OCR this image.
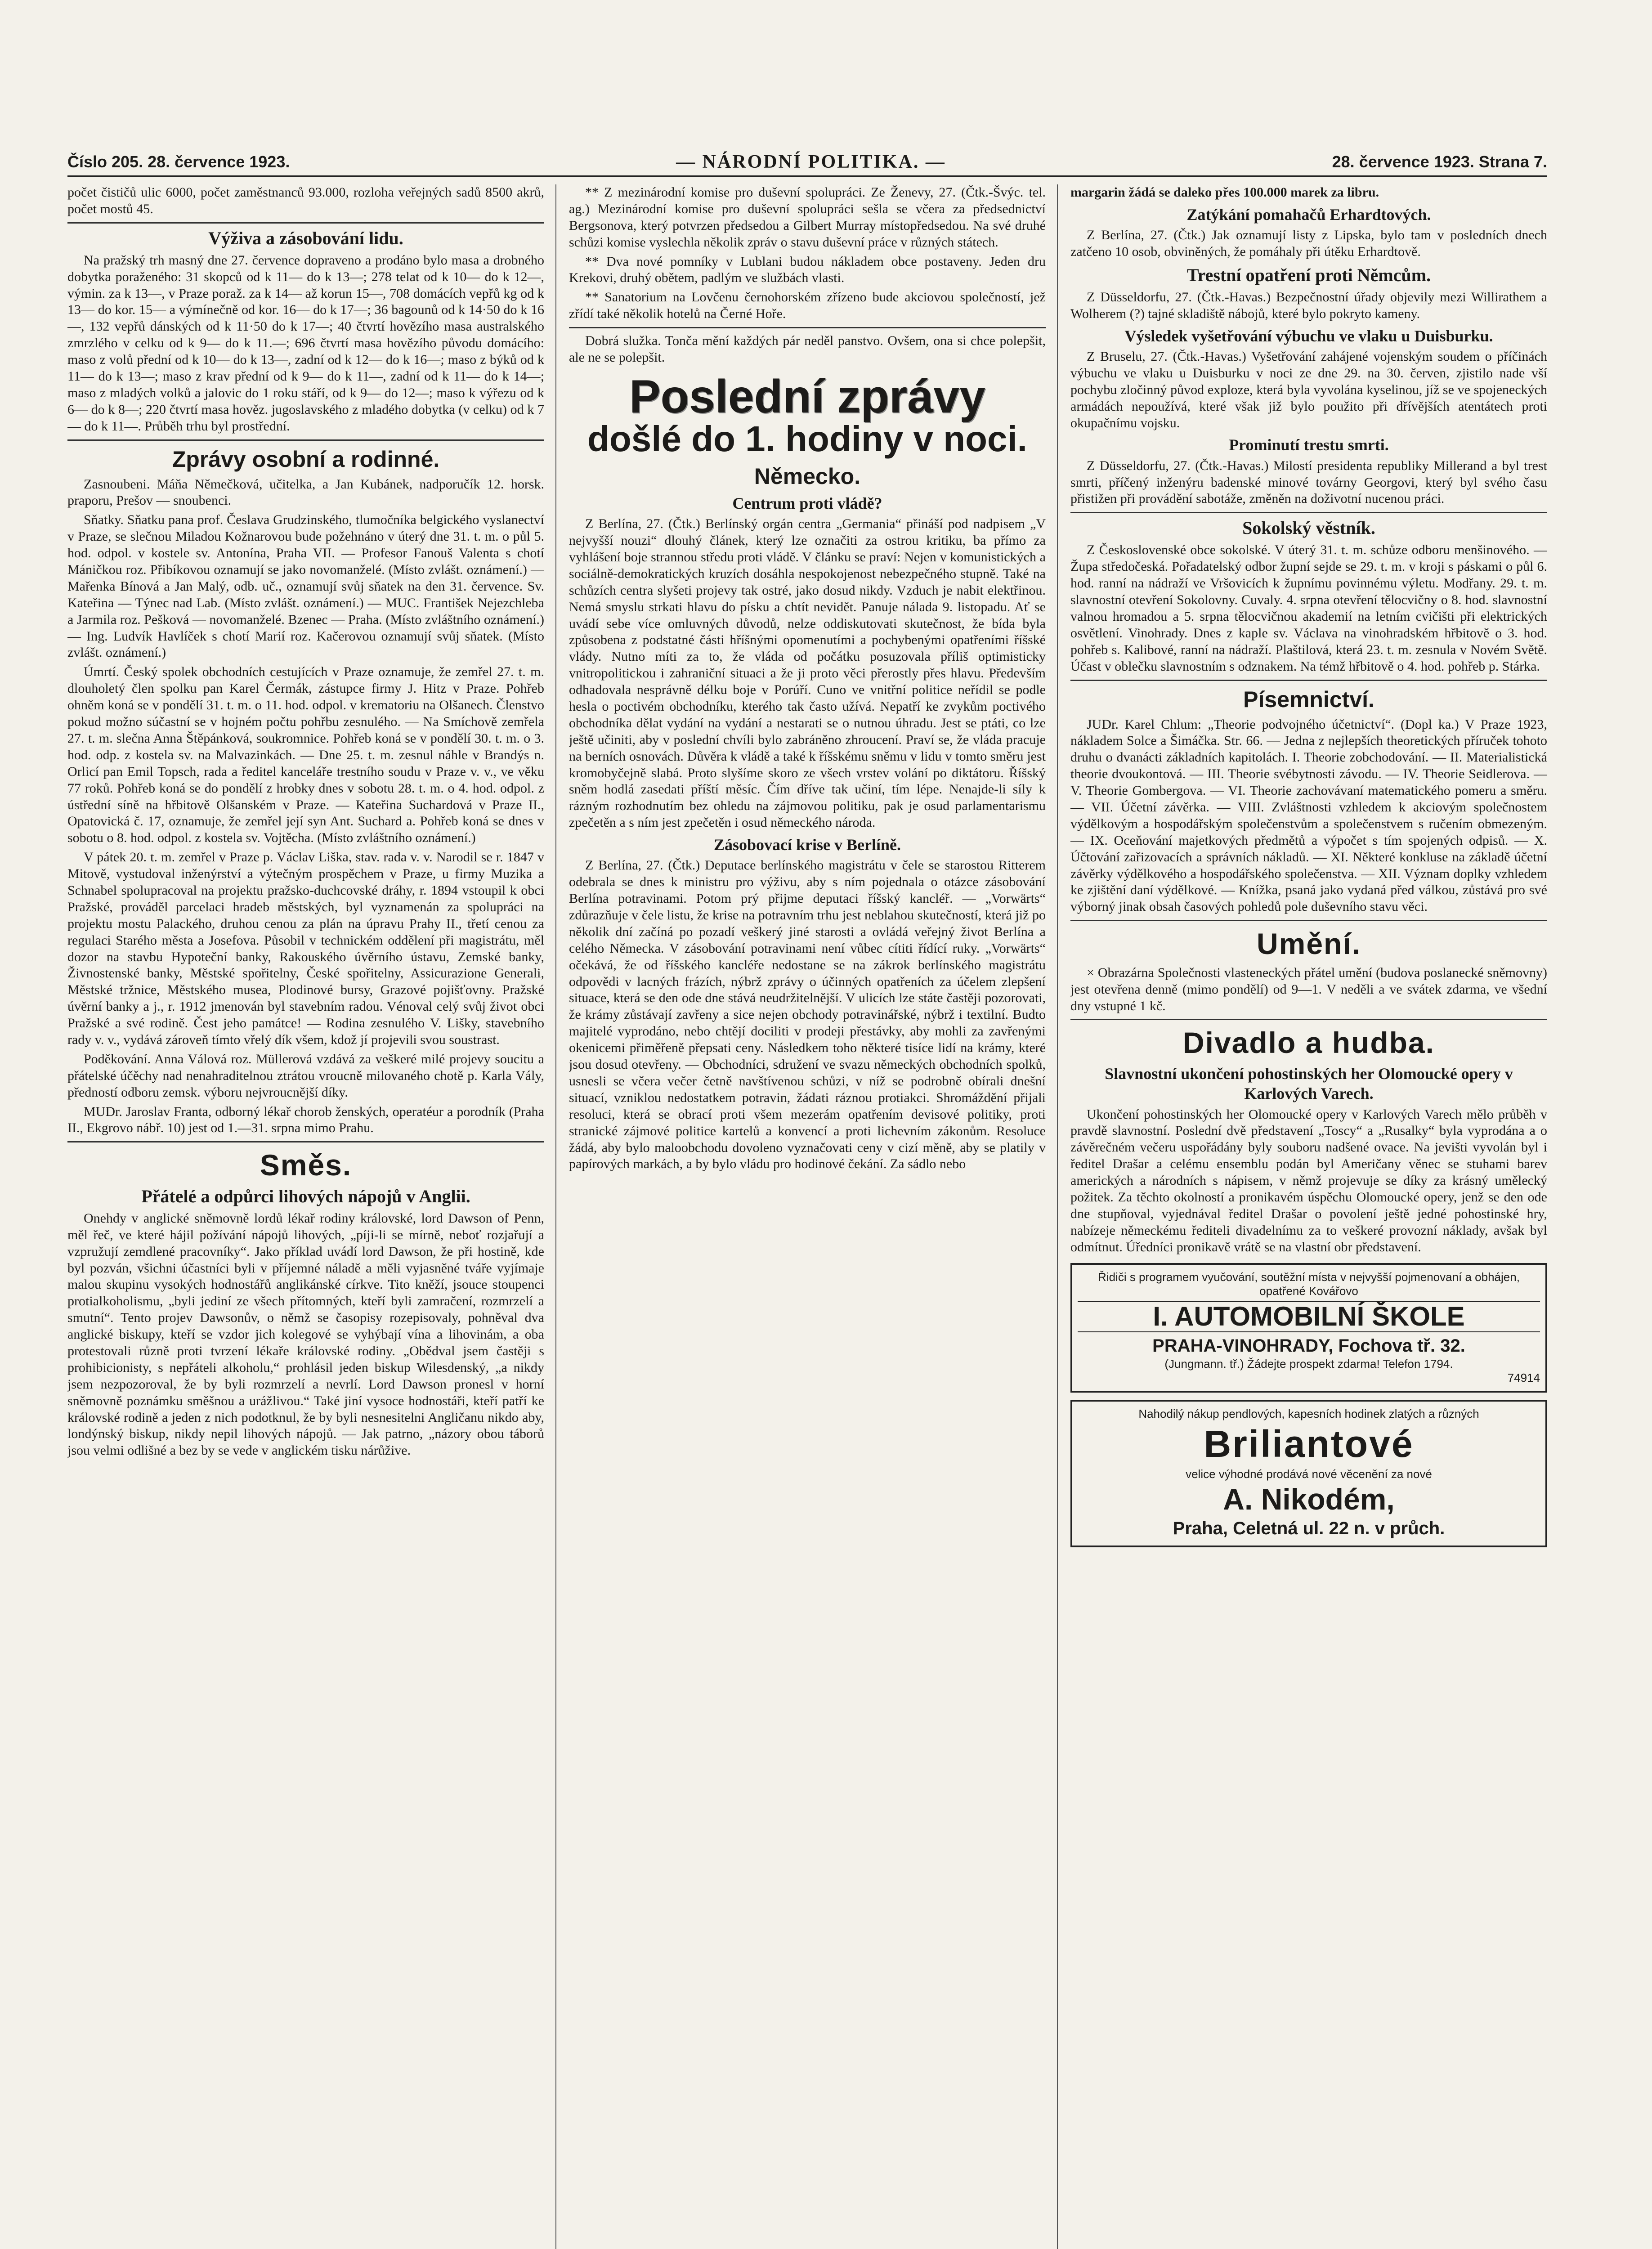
Číslo 205. 28. července 1923.	— NÁRODNÍ POLITIKA. —	28. července 1923. Strana 7.

počet čističů ulic 6000, počet zaměstnanců 93.000, rozloha veřejných sadů 8500 akrů, počet mostů 45.

Výživa a zásobování lidu.

Na pražský trh masný dne 27. července dopraveno a prodáno bylo masa a drobného dobytka poraženého: 31 skopců od k 11— do k 13—; 278 telat od k 10— do k 12—, výmin. za k 13—, v Praze poraž. za k 14— až korun 15—, 708 domácích vepřů kg od k 13— do kor. 15— a výmínečně od kor. 16— do k 17—; 36 bagounů od k 14·50 do k 16—, 132 vepřů dánských od k 11·50 do k 17—; 40 čtvrtí hovězího masa australského zmrzlého v celku od k 9— do k 11.—; 696 čtvrtí masa hovězího původu domácího: maso z volů přední od k 10— do k 13—, zadní od k 12— do k 16—; maso z býků od k 11— do k 13—; maso z krav přední od k 9— do k 11—, zadní od k 11— do k 14—; maso z mladých volků a jalovic do 1 roku stáří, od k 9— do 12—; maso k výřezu od k 6— do k 8—; 220 čtvrtí masa hověz. jugoslavského z mladého dobytka (v celku) od k 7— do k 11—. Průběh trhu byl prostřední.

Zprávy osobní a rodinné.

Zasnoubeni. Máňa Němečková, učitelka, a Jan Kubánek, nadporučík 12. horsk. praporu, Prešov — snoubenci.

Sňatky. Sňatku pana prof. Česlava Grudzinského, tlumočníka belgického vyslanectví v Praze, se slečnou Miladou Kožnarovou bude požehnáno v úterý dne 31. t. m. o půl 5. hod. odpol. v kostele sv. Antonína, Praha VII. — Profesor Fanouš Valenta s chotí Máničkou roz. Přibíkovou oznamují se jako novomanželé. (Místo zvlášt. oznámení.) — Mařenka Bínová a Jan Malý, odb. uč., oznamují svůj sňatek na den 31. července. Sv. Kateřina — Týnec nad Lab. (Místo zvlášt. oznámení.) — MUC. František Nejezchleba a Jarmila roz. Pešková — novomanželé. Bzenec — Praha. (Místo zvláštního oznámení.) — Ing. Ludvík Havlíček s chotí Marií roz. Kačerovou oznamují svůj sňatek. (Místo zvlášt. oznámení.)

Úmrtí. Český spolek obchodních cestujících v Praze oznamuje, že zemřel 27. t. m. dlouholetý člen spolku pan Karel Čermák, zástupce firmy J. Hitz v Praze. Pohřeb ohněm koná se v pondělí 31. t. m. o 11. hod. odpol. v krematoriu na Olšanech. Členstvo pokud možno súčastní se v hojném počtu pohřbu zesnulého. — Na Smíchově zemřela 27. t. m. slečna Anna Štěpánková, soukromnice. Pohřeb koná se v pondělí 30. t. m. o 3. hod. odp. z kostela sv. na Malvazinkách. — Dne 25. t. m. zesnul náhle v Brandýs n. Orlicí pan Emil Topsch, rada a ředitel kanceláře trestního soudu v Praze v. v., ve věku 77 roků. Pohřeb koná se do pondělí z hrobky dnes v sobotu 28. t. m. o 4. hod. odpol. z ústřední síně na hřbitově Olšanském v Praze. — Kateřina Suchardová v Praze II., Opatovická č. 17, oznamuje, že zemřel její syn Ant. Suchard a. Pohřeb koná se dnes v sobotu o 8. hod. odpol. z kostela sv. Vojtěcha. (Místo zvláštního oznámení.)

V pátek 20. t. m. zemřel v Praze p. Václav Liška, stav. rada v. v. Narodil se r. 1847 v Mitově, vystudoval inženýrství a výtečným prospěchem v Praze, u firmy Muzika a Schnabel spolupracoval na projektu pražsko-duchcovské dráhy, r. 1894 vstoupil k obci Pražské, prováděl parcelaci hradeb městských, byl vyznamenán za spolupráci na projektu mostu Palackého, druhou cenou za plán na úpravu Prahy II., třetí cenou za regulaci Starého města a Josefova. Působil v technickém oddělení při magistrátu, měl dozor na stavbu Hypoteční banky, Rakouského úvěrního ústavu, Zemské banky, Živnostenské banky, Městské spořitelny, České spořitelny, Assicurazione Generali, Městské tržnice, Městského musea, Plodinové bursy, Grazové pojišťovny. Pražské úvěrní banky a j., r. 1912 jmenován byl stavebním radou. Vénoval celý svůj život obci Pražské a své rodině. Čest jeho památce! — Rodina zesnulého V. Lišky, stavebního rady v. v., vydává zároveň tímto vřelý dík všem, kdož jí projevili svou soustrast.

Poděkování. Anna Válová roz. Müllerová vzdává za veškeré milé projevy soucitu a přátelské účěchy nad nenahraditelnou ztrátou vroucně milovaného chotě p. Karla Vály, předností odboru zemsk. výboru nejvroucnější díky.

MUDr. Jaroslav Franta, odborný lékař chorob ženských, operatéur a porodník (Praha II., Ekgrovo nábř. 10) jest od 1.—31. srpna mimo Prahu.

Směs.
Přátelé a odpůrci lihových nápojů v Anglii.

Onehdy v anglické sněmovně lordů lékař rodiny královské, lord Dawson of Penn, měl řeč, ve které hájil požívání nápojů lihových, „píji-li se mírně, neboť rozjařují a vzpružují zemdlené pracovníky“. Jako příklad uvádí lord Dawson, že při hostině, kde byl pozván, všichni účastníci byli v příjemné náladě a měli vyjasněné tváře vyjímaje malou skupinu vysokých hodnostářů anglikánské církve. Tito kněží, jsouce stoupenci protialkoholismu, „byli jediní ze všech přítomných, kteří byli zamračení, rozmrzelí a smutní“. Tento projev Dawsonův, o němž se časopisy rozepisovaly, pohněval dva anglické biskupy, kteří se vzdor jich kolegové se vyhýbají vína a lihovinám, a oba protestovali různě proti tvrzení lékaře královské rodiny. „Obědval jsem častěji s prohibicionisty, s nepřáteli alkoholu,“ prohlásil jeden biskup Wilesdenský, „a nikdy jsem nezpozoroval, že by byli rozmrzelí a nevrlí. Lord Dawson pronesl v horní sněmovně poznámku směšnou a urážlivou.“ Také jiní vysoce hodnostáři, kteří patří ke královské rodině a jeden z nich podotknul, že by byli nesnesitelni Angličanu nikdo aby, londýnský biskup, nikdy nepil lihových nápojů. — Jak patrno, „názory obou táborů jsou velmi odlišné a bez by se vede v anglickém tisku nárůžive.

** Z mezinárodní komise pro duševní spolupráci. Ze Ženevy, 27. (Čtk.-Švýc. tel. ag.) Mezinárodní komise pro duševní spolupráci sešla se včera za předsednictví Bergsonova, který potvrzen předsedou a Gilbert Murray místopředsedou. Na své druhé schůzi komise vyslechla několik zpráv o stavu duševní práce v různých státech.

** Dva nové pomníky v Lublani budou nákladem obce postaveny. Jeden dru Krekovi, druhý obětem, padlým ve službách vlasti.

** Sanatorium na Lovčenu černohorském zřízeno bude akciovou společností, jež zřídí také několik hotelů na Černé Hoře.

Dobrá služka. Tonča mění každých pár neděl panstvo. Ovšem, ona si chce polepšit, ale ne se polepšit.

Poslední zprávy
došlé do 1. hodiny v noci.
Německo.
Centrum proti vládě?

Z Berlína, 27. (Čtk.) Berlínský orgán centra „Germania“ přináší pod nadpisem „V nejvyšší nouzi“ dlouhý článek, který lze označiti za ostrou kritiku, ba přímo za vyhlášení boje strannou středu proti vládě. V článku se praví: Nejen v komunistických a sociálně-demokratických kruzích dosáhla nespokojenost nebezpečného stupně. Také na schůzích centra slyšeti projevy tak ostré, jako dosud nikdy. Vzduch je nabit elektřinou. Nemá smyslu strkati hlavu do písku a chtít nevidět. Panuje nálada 9. listopadu. Ať se uvádí sebe více omluvných důvodů, nelze oddiskutovati skutečnost, že bída byla způsobena z podstatné části hříšnými opomenutími a pochybenými opatřeními říšské vlády. Nutno míti za to, že vláda od počátku posuzovala příliš optimisticky vnitropolitickou i zahraniční situaci a že ji proto věci přerostly přes hlavu. Především odhadovala nesprávně délku boje v Porúří. Cuno ve vnitřní politice neřídil se podle hesla o poctivém obchodníku, kterého tak často užívá. Nepatří ke zvykům poctivého obchodníka dělat vydání na vydání a nestarati se o nutnou úhradu. Jest se ptáti, co lze ještě učiniti, aby v poslední chvíli bylo zabráněno zhroucení. Praví se, že vláda pracuje na berních osnovách. Důvěra k vládě a také k říšskému sněmu v lidu v tomto směru jest kromobyčejně slabá. Proto slyšíme skoro ze všech vrstev volání po diktátoru. Říšský sněm hodlá zasedati příští měsíc. Čím dříve tak učiní, tím lépe. Nenajde-li síly k rázným rozhodnutím bez ohledu na zájmovou politiku, pak je osud parlamentarismu zpečetěn a s ním jest zpečetěn i osud německého národa.

Zásobovací krise v Berlíně.

Z Berlína, 27. (Čtk.) Deputace berlínského magistrátu v čele se starostou Ritterem odebrala se dnes k ministru pro výživu, aby s ním pojednala o otázce zásobování Berlína potravinami. Potom prý přijme deputaci říšský kancléř. — „Vorwärts“ zdůrazňuje v čele listu, že krise na potravním trhu jest neblahou skutečností, která již po několik dní začíná po pozadí veškerý jiné starosti a ovládá veřejný život Berlína a celého Německa. V zásobování potravinami není vůbec cítiti řídící ruky. „Vorwärts“ očekává, že od říšského kancléře nedostane se na zákrok berlínského magistrátu odpovědi v lacných frázích, nýbrž zprávy o účinných opatřeních za účelem zlepšení situace, která se den ode dne stává neudržitelnější. V ulicích lze státe častěji pozorovati, že krámy zůstávají zavřeny a sice nejen obchody potravinářské, nýbrž i textilní. Budto majitelé vyprodáno, nebo chtějí dociliti v prodeji přestávky, aby mohli za zavřenými okenicemi přiměřeně přepsati ceny. Následkem toho některé tisíce lidí na krámy, které jsou dosud otevřeny. — Obchodníci, sdružení ve svazu německých obchodních spolků, usnesli se včera večer četně navštívenou schůzi, v níž se podrobně obírali dnešní situací, vzniklou nedostatkem potravin, žádati ráznou protiakci. Shromáždění přijali resoluci, která se obrací proti všem mezerám opatřením devisové politiky, proti stranické zájmové politice kartelů a konvencí a proti lichevním zákonům. Resoluce žádá, aby bylo maloobchodu dovoleno vyznačovati ceny v cizí měně, aby se platily v papírových markách, a by bylo vládu pro hodinové čekání. Za sádlo nebo

margarin žádá se daleko přes 100.000 marek za libru.

Zatýkání pomahačů Erhardtových.

Z Berlína, 27. (Čtk.) Jak oznamují listy z Lipska, bylo tam v posledních dnech zatčeno 10 osob, obviněných, že pomáhaly při útěku Erhardtově.

Trestní opatření proti Němcům.

Z Düsseldorfu, 27. (Čtk.-Havas.) Bezpečnostní úřady objevily mezi Willirathem a Wolherem (?) tajné skladiště nábojů, které bylo pokryto kameny.

Výsledek vyšetřování výbuchu ve vlaku u Duisburku.

Z Bruselu, 27. (Čtk.-Havas.) Vyšetřování zahájené vojenským soudem o příčinách výbuchu ve vlaku u Duisburku v noci ze dne 29. na 30. červen, zjistilo nade vší pochybu zločinný původ exploze, která byla vyvolána kyselinou, jíž se ve spojeneckých armádách nepoužívá, které však již bylo použito při dřívějších atentátech proti okupačnímu vojsku.

Prominutí trestu smrti.

Z Düsseldorfu, 27. (Čtk.-Havas.) Milostí presidenta republiky Millerand a byl trest smrti, příčený inženýru badenské minové továrny Georgovi, který byl svého času přistižen při provádění sabotáže, změněn na doživotní nucenou práci.

Sokolský věstník.

Z Československé obce sokolské. V úterý 31. t. m. schůze odboru menšinového. — Župa středočeská. Pořadatelský odbor župní sejde se 29. t. m. v kroji s páskami o půl 6. hod. ranní na nádraží ve Vršovicích k župnímu povinnému výletu. Modřany. 29. t. m. slavnostní otevření Sokolovny. Cuvaly. 4. srpna otevření tělocvičny o 8. hod. slavnostní valnou hromadou a 5. srpna tělocvičnou akademií na letním cvičišti při elektrických osvětlení. Vinohrady. Dnes z kaple sv. Václava na vinohradském hřbitově o 3. hod. pohřeb s. Kalibové, ranní na nádraží. Plaštilová, která 23. t. m. zesnula v Novém Světě. Účast v oblečku slavnostním s odznakem. Na témž hřbitově o 4. hod. pohřeb p. Stárka.

Písemnictví.

JUDr. Karel Chlum: „Theorie podvojného účetnictví“. (Dopl ka.) V Praze 1923, nákladem Solce a Šimáčka. Str. 66. — Jedna z nejlepších theoretických příruček tohoto druhu o dvanácti základních kapitolách. I. Theorie zobchodování. — II. Materialistická theorie dvoukontová. — III. Theorie svébytnosti závodu. — IV. Theorie Seidlerova. — V. Theorie Gombergova. — VI. Theorie zachovávaní matematického pomeru a směru. — VII. Účetní závěrka. — VIII. Zvláštnosti vzhledem k akciovým společnostem výdělkovým a hospodářským společenstvům a společenstvem s ručením obmezeným. — IX. Oceňování majetkových předmětů a výpočet s tím spojených odpisů. — X. Účtování zařizovacích a správních nákladů. — XI. Některé konkluse na základě účetní závěrky výdělkového a hospodářského společenstva. — XII. Význam doplky vzhledem ke zjištění daní výdělkové. — Knížka, psaná jako vydaná před válkou, zůstává pro své výborný jinak obsah časových pohledů pole duševního stavu věci.

Umění.

× Obrazárna Společnosti vlasteneckých přátel umění (budova poslanecké sněmovny) jest otevřena denně (mimo pondělí) od 9—1. V neděli a ve svátek zdarma, ve všední dny vstupné 1 kč.

Divadlo a hudba.
Slavnostní ukončení pohostinských her Olomoucké opery v Karlových Varech.

Ukončení pohostinských her Olomoucké opery v Karlových Varech mělo průběh v pravdě slavnostní. Poslední dvě představení „Toscy“ a „Rusalky“ byla vyprodána a o závěrečném večeru uspořádány byly souboru nadšené ovace. Na jevišti vyvolán byl i ředitel Drašar a celému ensemblu podán byl Američany věnec se stuhami barev amerických a národních s nápisem, v němž projevuje se díky za krásný umělecký požitek. Za těchto okolností a pronikavém úspěchu Olomoucké opery, jenž se den ode dne stupňoval, vyjednával ředitel Drašar o povolení ještě jedné pohostinské hry, nabízeje německému řediteli divadelnímu za to veškeré provozní náklady, avšak byl odmítnut. Úředníci pronikavě vrátě se na vlastní obr představení.

Řidiči s programem vyučování, soutěžní místa v nejvyšší pojmenovaní a obhájen, opatřené Kovářovo
I. AUTOMOBILNÍ ŠKOLE
PRAHA-VINOHRADY, Fochova tř. 32.
(Jungmann. tř.) Žádejte prospekt zdarma! Telefon 1794.
74914
Nahodilý nákup pendlových, kapesních hodinek zlatých a různých
Briliantové
velice výhodné prodává nové věcenění za nové
A. Nikodém,
Praha, Celetná ul. 22 n. v průch.
